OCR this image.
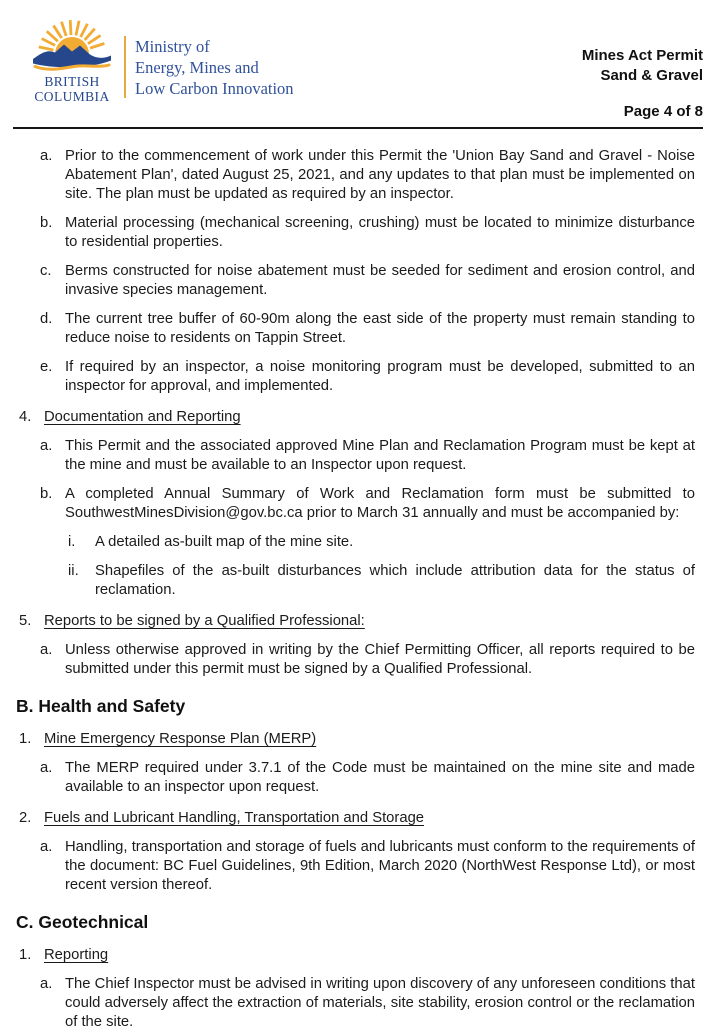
BRITISH
COLUMBIA
Ministry of
Energy, Mines and
Low Carbon Innovation
Mines Act Permit
Sand & Gravel
Page 4 of 8
a. Prior to the commencement of work under this Permit the 'Union Bay Sand and Gravel - Noise Abatement Plan', dated August 25, 2021, and any updates to that plan must be implemented on site. The plan must be updated as required by an inspector.
b. Material processing (mechanical screening, crushing) must be located to minimize disturbance to residential properties.
c. Berms constructed for noise abatement must be seeded for sediment and erosion control, and invasive species management.
d. The current tree buffer of 60-90m along the east side of the property must remain standing to reduce noise to residents on Tappin Street.
e. If required by an inspector, a noise monitoring program must be developed, submitted to an inspector for approval, and implemented.
4. Documentation and Reporting
a. This Permit and the associated approved Mine Plan and Reclamation Program must be kept at the mine and must be available to an Inspector upon request.
b. A completed Annual Summary of Work and Reclamation form must be submitted to SouthwestMinesDivision@gov.bc.ca prior to March 31 annually and must be accompanied by:
i.	A detailed as-built map of the mine site.
ii.	Shapefiles of the as-built disturbances which include attribution data for the status of reclamation.
5. Reports to be signed by a Qualified Professional:
a. Unless otherwise approved in writing by the Chief Permitting Officer, all reports required to be submitted under this permit must be signed by a Qualified Professional.
B. Health and Safety
1. Mine Emergency Response Plan (MERP)
a. The MERP required under 3.7.1 of the Code must be maintained on the mine site and made available to an inspector upon request.
2. Fuels and Lubricant Handling, Transportation and Storage
a. Handling, transportation and storage of fuels and lubricants must conform to the requirements of the document: BC Fuel Guidelines, 9th Edition, March 2020 (NorthWest Response Ltd), or most recent version thereof.
C. Geotechnical
1. Reporting
a. The Chief Inspector must be advised in writing upon discovery of any unforeseen conditions that could adversely affect the extraction of materials, site stability, erosion control or the reclamation of the site.
